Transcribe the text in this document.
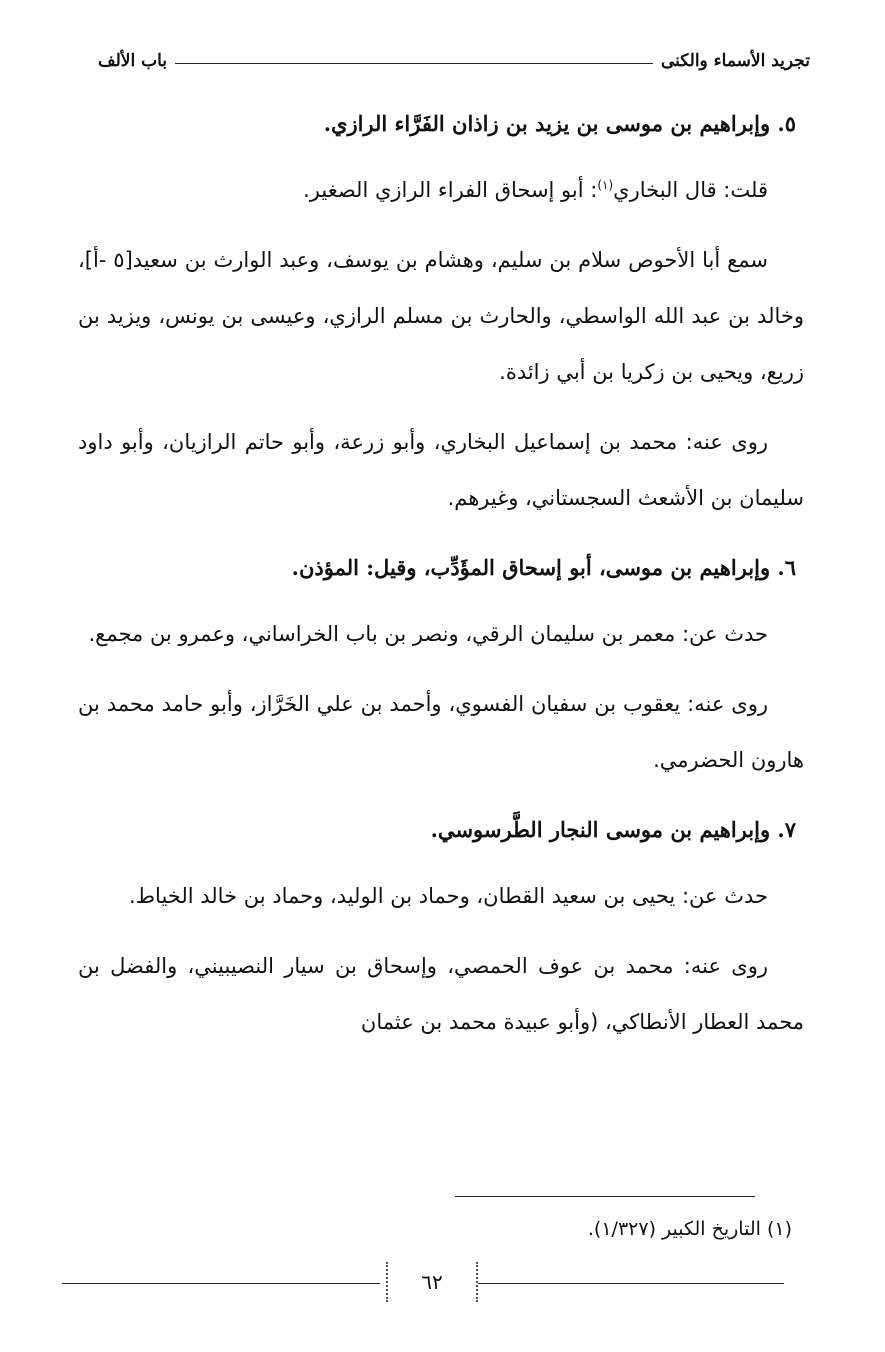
تجريد الأسماء والكنى
باب الألف

٥. وإبراهيم بن موسى بن يزيد بن زاذان الفَرَّاء الرازي.

قلت: قال البخاري$^{(١)}$: أبو إسحاق الفراء الرازي الصغير.

سمع أبا الأحوص سلام بن سليم، وهشام بن يوسف، وعبد الوارث بن سعيد[٥ -أ]، وخالد بن عبد الله الواسطي، والحارث بن مسلم الرازي، وعيسى بن يونس، ويزيد بن زريع، ويحيى بن زكريا بن أبي زائدة.

روى عنه: محمد بن إسماعيل البخاري، وأبو زرعة، وأبو حاتم الرازيان، وأبو داود سليمان بن الأشعث السجستاني، وغيرهم.

٦. وإبراهيم بن موسى، أبو إسحاق المؤَدِّب، وقيل: المؤذن.

حدث عن: معمر بن سليمان الرقي، ونصر بن باب الخراساني، وعمرو بن مجمع.

روى عنه: يعقوب بن سفيان الفسوي، وأحمد بن علي الخَرَّاز، وأبو حامد محمد بن هارون الحضرمي.

٧. وإبراهيم بن موسى النجار الطَّرسوسي.

حدث عن: يحيى بن سعيد القطان، وحماد بن الوليد، وحماد بن خالد الخياط.

روى عنه: محمد بن عوف الحمصي، وإسحاق بن سيار النصيبيني، والفضل بن محمد العطار الأنطاكي، (وأبو عبيدة محمد بن عثمان

(١) التاريخ الكبير (١/٣٢٧).
٦٢
